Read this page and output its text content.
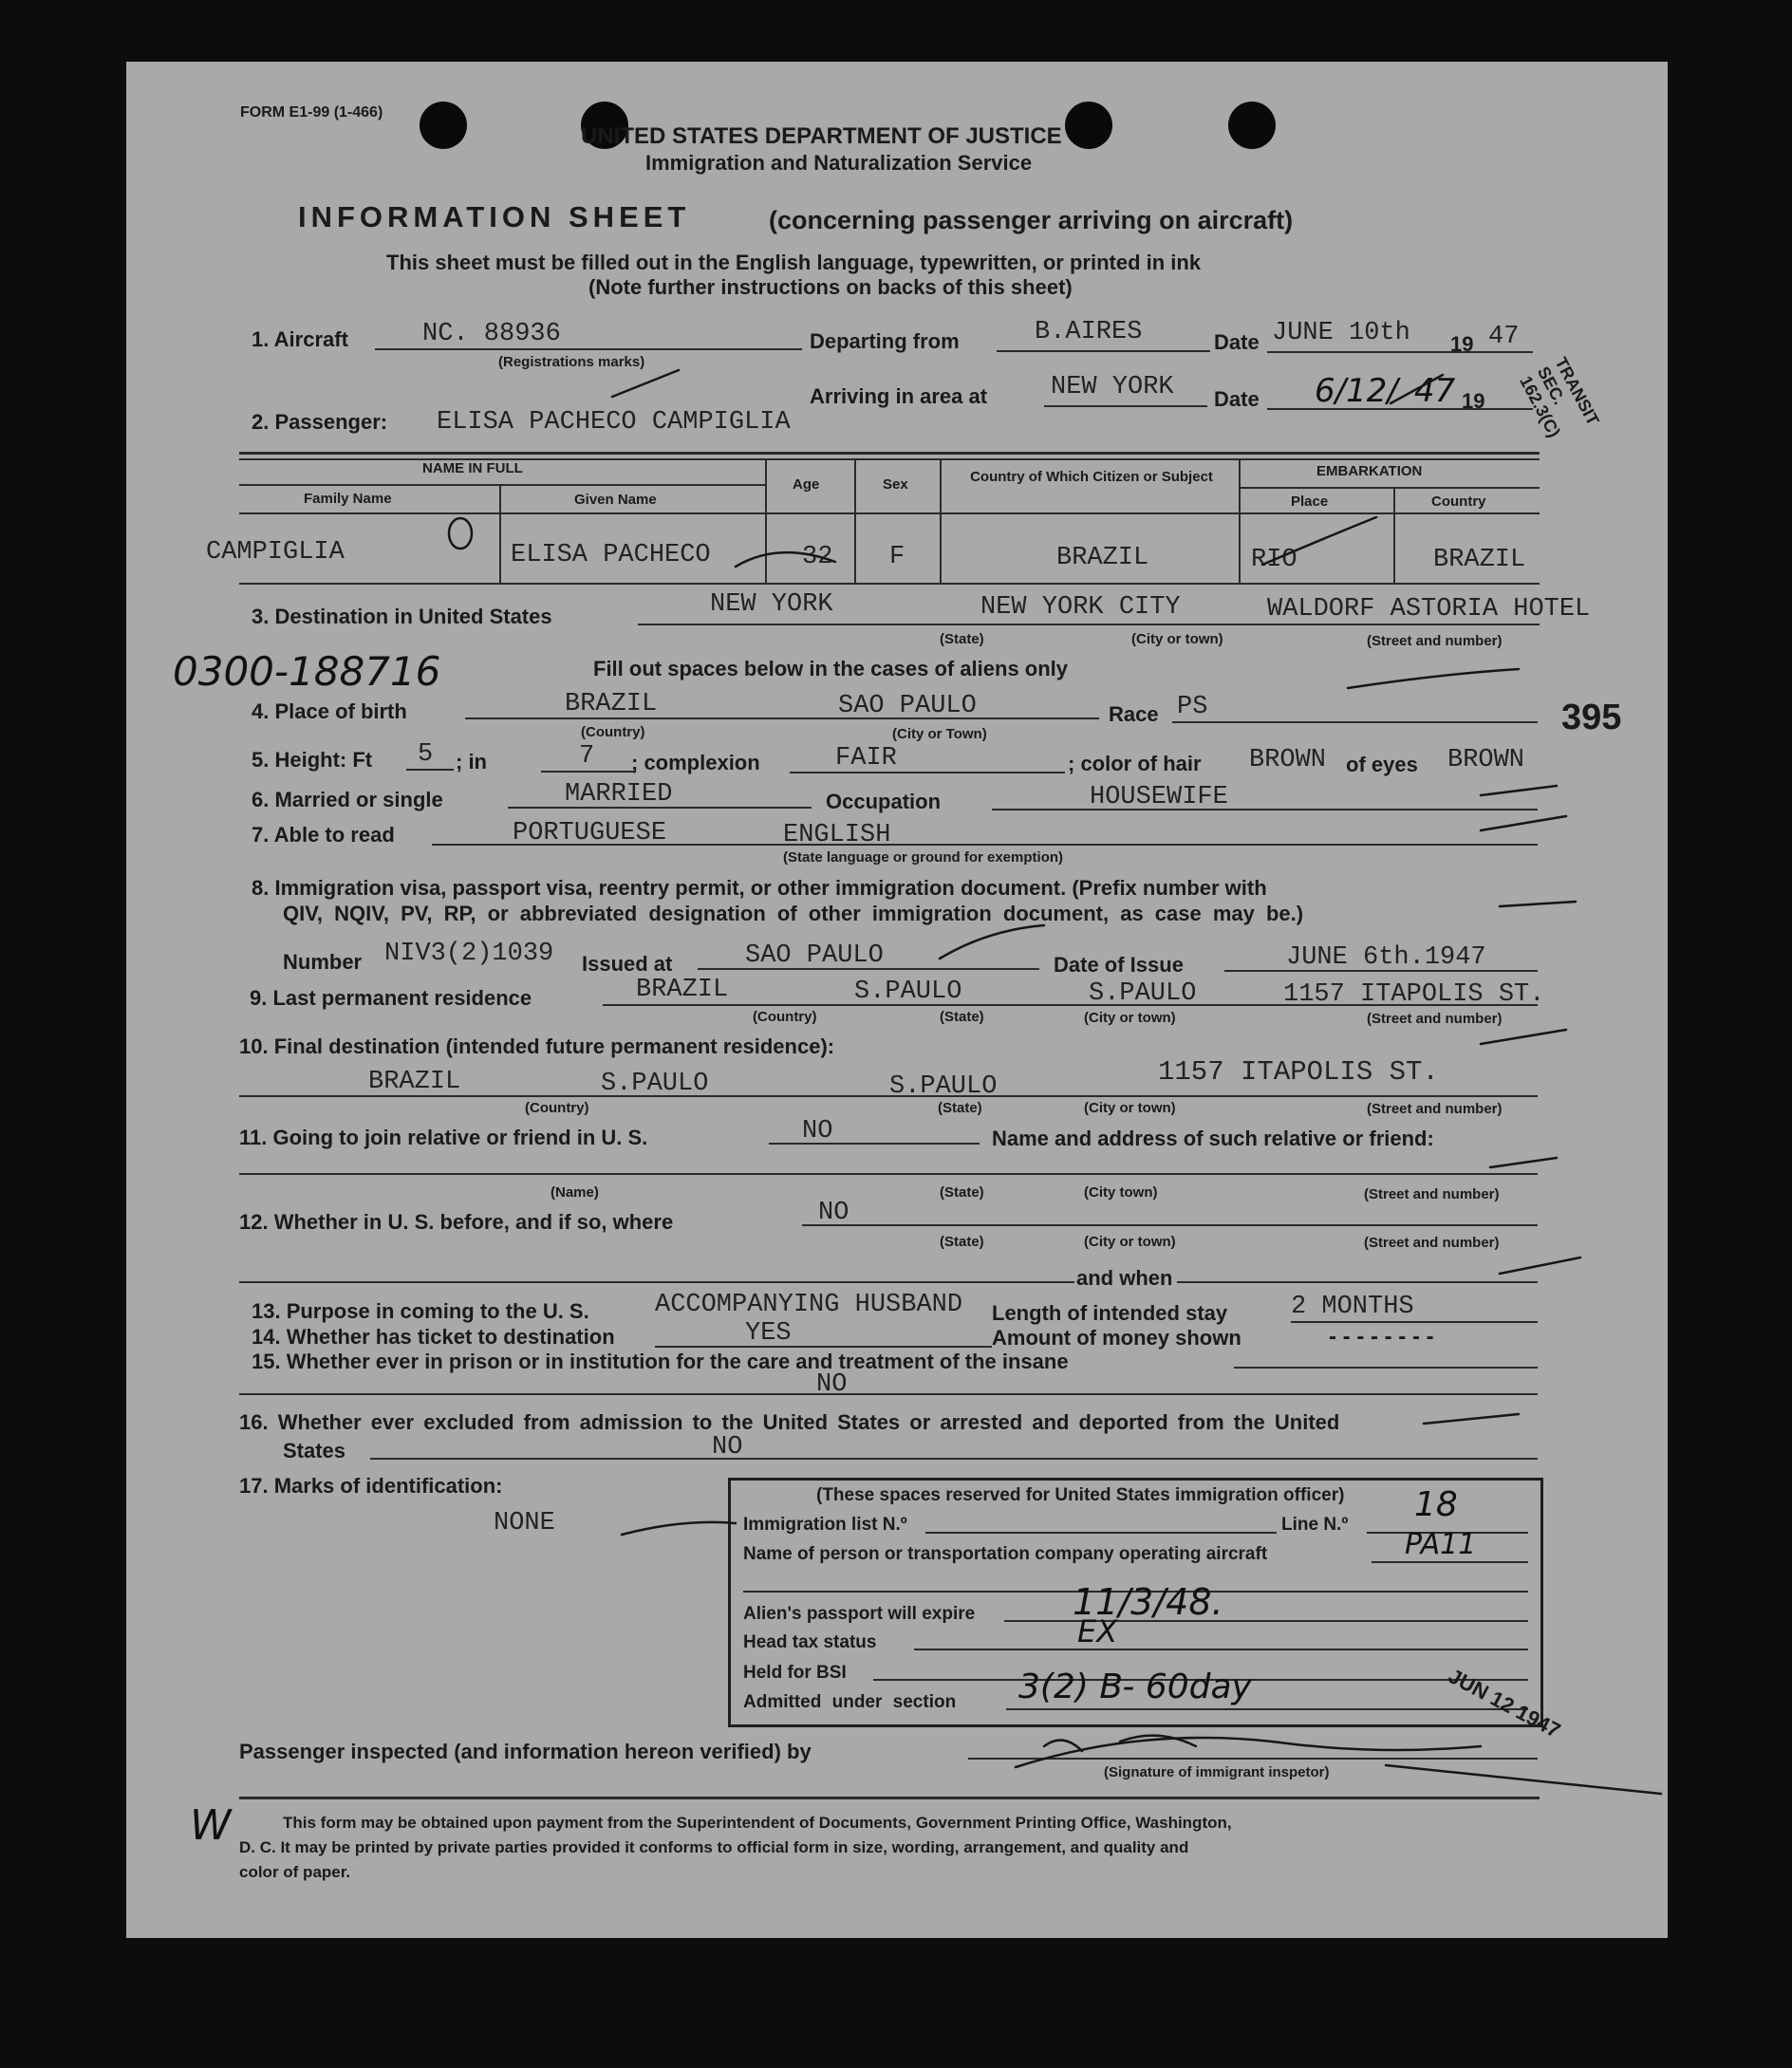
FORM E1-99 (1-466)
UNITED STATES DEPARTMENT OF JUSTICE
Immigration and Naturalization Service
INFORMATION SHEET	(concerning passenger arriving on aircraft)
This sheet must be filled out in the English language, typewritten, or printed in ink
(Note further instructions on backs of this sheet)
1. Aircraft	NC. 88936
(Registrations marks)
Departing from	B.AIRES	Date JUNE 10th 19 47
Arriving in area at NEW YORK Date 6/12/	19
47	TRANSIT SEC. 162.3(C)
2. Passenger: ELISA PACHECO CAMPIGLIA
NAME IN FULL
Family Name	Given Name
Age	Sex	Country of Which Citizen or Subject	EMBARKATION
Place	Country
CAMPIGLIA	ELISA PACHECO	32 F	BRAZIL	RIO	BRAZIL
3. Destination in United States	NEW YORK	NEW YORK CITY	WALDORF ASTORIA HOTEL
(State)	(City or town)	(Street and number)
0300-188716	Fill out spaces below in the cases of aliens only
4. Place of birth	BRAZIL	SAO PAULO
(Country)	(City or Town)
Race PS	395
5. Height: Ft 5 ; in	7 ; complexion	FAIR	; color of hair BROWN of eyes BROWN
6. Married or single	MARRIED	Occupation	HOUSEWIFE
7. Able to read	PORTUGUESE	ENGLISH
(State language or ground for exemption)
8. Immigration visa, passport visa, reentry permit, or other immigration document. (Prefix number with
QIV, NQIV, PV, RP, or abbreviated designation of other immigration document, as case may be.)
Number NIV3(2)1039 Issued at	SAO PAULO	Date of Issue	JUNE 6th.1947
9. Last permanent residence	BRAZIL	S.PAULO	S.PAULO	1157 ITAPOLIS ST.
(Country)	(State)	(City or town)	(Street and number)
10. Final destination (intended future permanent residence):
BRAZIL	S.PAULO	S.PAULO	1157 ITAPOLIS ST.
(Country)	(State)	(City or town)	(Street and number)
11. Going to join relative or friend in U. S.	NO	Name and address of such relative or friend:
(Name)	(State)	(City town)	(Street and number)
12. Whether in U. S. before, and if so, where	NO
(State)	(City or town)	(Street and number)
and when
13. Purpose in coming to the U. S.	ACCOMPANYING HUSBAND Length of intended stay 2 MONTHS
14. Whether has ticket to destination	YES	Amount of money shown	- - - - - - - -
15. Whether ever in prison or in institution for the care and treatment of the insane
NO
16. Whether ever excluded from admission to the United States or arrested and deported from the United
States	NO
17. Marks of identification:
NONE
(These spaces reserved for United States immigration officer)
Immigration list N.º	Line N.º
18
Name of person or transportation company operating aircraft	PA11
Alien's passport will expire	11/3/48.
Head tax status	EX
Held for BSI
Admitted under section 3(2) B- 60day	JUN 12 1947
Passenger inspected (and information hereon verified) by
(Signature of immigrant inspetor)
This form may be obtained upon payment from the Superintendent of Documents, Government Printing Office, Washington,
D. C. It may be printed by private parties provided it conforms to official form in size, wording, arrangement, and quality and
color of paper.
W
